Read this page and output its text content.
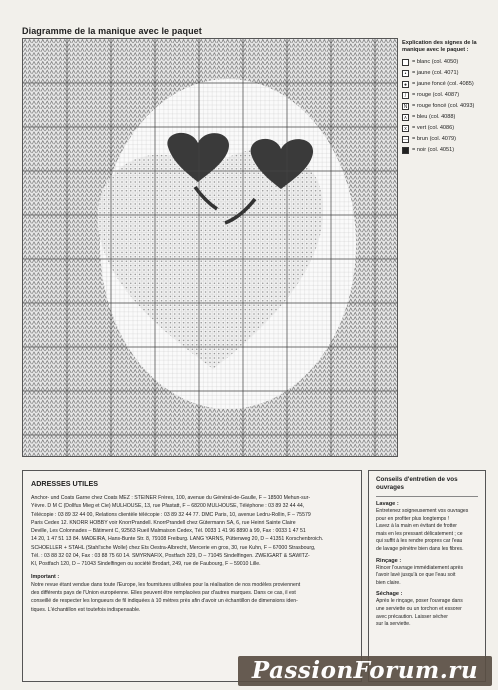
Diagramme de la manique avec le paquet
Explication des signes de la manique avec le paquet :
= blanc (col. 4050)
•	= jaune (col. 4071)
● = jaune foncé (col. 4085)
/	= rouge (col. 4087)
N = rouge foncé (col. 4093)
∧ = bleu (col. 4088)
x = vert (col. 4086)
— = brun (col. 4079)
■ = noir (col. 4051)
ADRESSES UTILES
Anchor- und Coats Garne chez Coats MEZ : STEINER Frères, 100, avenue du Général-de-Gaulle, F – 18500 Mehun-sur-
Yèvre. D M C (Dollfus Mieg et Cie) MULHOUSE, 13, rue Pfastatt, F – 68200 MULHOUSE, Téléphone : 03 89 32 44 44,
Télécopie : 03 89 32 44 00, Relations clientèle télécopie : 03 89 32 44 77. DMC Paris, 10, avenue Ledru-Rollin, F – 75579
Paris Cedex 12. KNORR HOBBY voir KnorrPrandell. KnorrPrandell chez Gütermann SA, 6, rue Heinri Sainte Claire
Deville, Les Colonnades – Bâtiment C, 92563 Rueil Malmaison Cedex, Tél. 0033 1 41 96 8890 à 99, Fax : 0033 1 47 51
14 20, 1 47 51 13 84. MADEIRA, Hans-Bunte Str. 8, 79108 Freiburg. LANG YARNS, Püttenweg 20, D – 41351 Korschenbroich.
SCHOELLER + STAHL (Stahl'sche Wolle) chez Ets Oestra-Albrecht, Mercerie en gros, 30, rue Kuhn, F – 67000 Strasbourg,
Tél. : 03 88 32 02 04, Fax : 03 88 75 60 14. SMYRNAFIX, Postfach 329, D – 71045 Sindelfingen. ZWEIGART & SAWITZ-
KI, Postfach 120, D – 71043 Sindelfingen ou société Brodart, 249, rue de Faubourg, F – 59010 Lille.
Important :
Notre revue étant vendue dans toute l'Europe, les fournitures utilisées pour la réalisation de nos modèles proviennent
des différents pays de l'Union européenne. Elles peuvent être remplacées par d'autres marques. Dans ce cas, il est
conseillé de respecter les longueurs de fil indiquées à 10 mètres près afin d'avoir un échantillon de dimensions iden-
tiques. L'échantillon est toutefois indispensable.
Conseils d'entretien de vos ouvrages
Lavage :
Entretenez soigneusement vos ouvrages
pour en profiter plus longtemps !
Lavez à la main en évitant de frotter
mais en les pressant délicatement ; ce
qui suffit à les rendre propres car l'eau
de lavage pénètre bien dans les fibres.
Rinçage :
Rincer l'ouvrage immédiatement après
l'avoir lavé jusqu'à ce que l'eau soit
bien claire.
Séchage :
Après le rinçage, poser l'ouvrage dans
une serviette ou un torchon et essorer
avec précaution. Laisser sécher
sur la serviette.
PassionForum.ru
